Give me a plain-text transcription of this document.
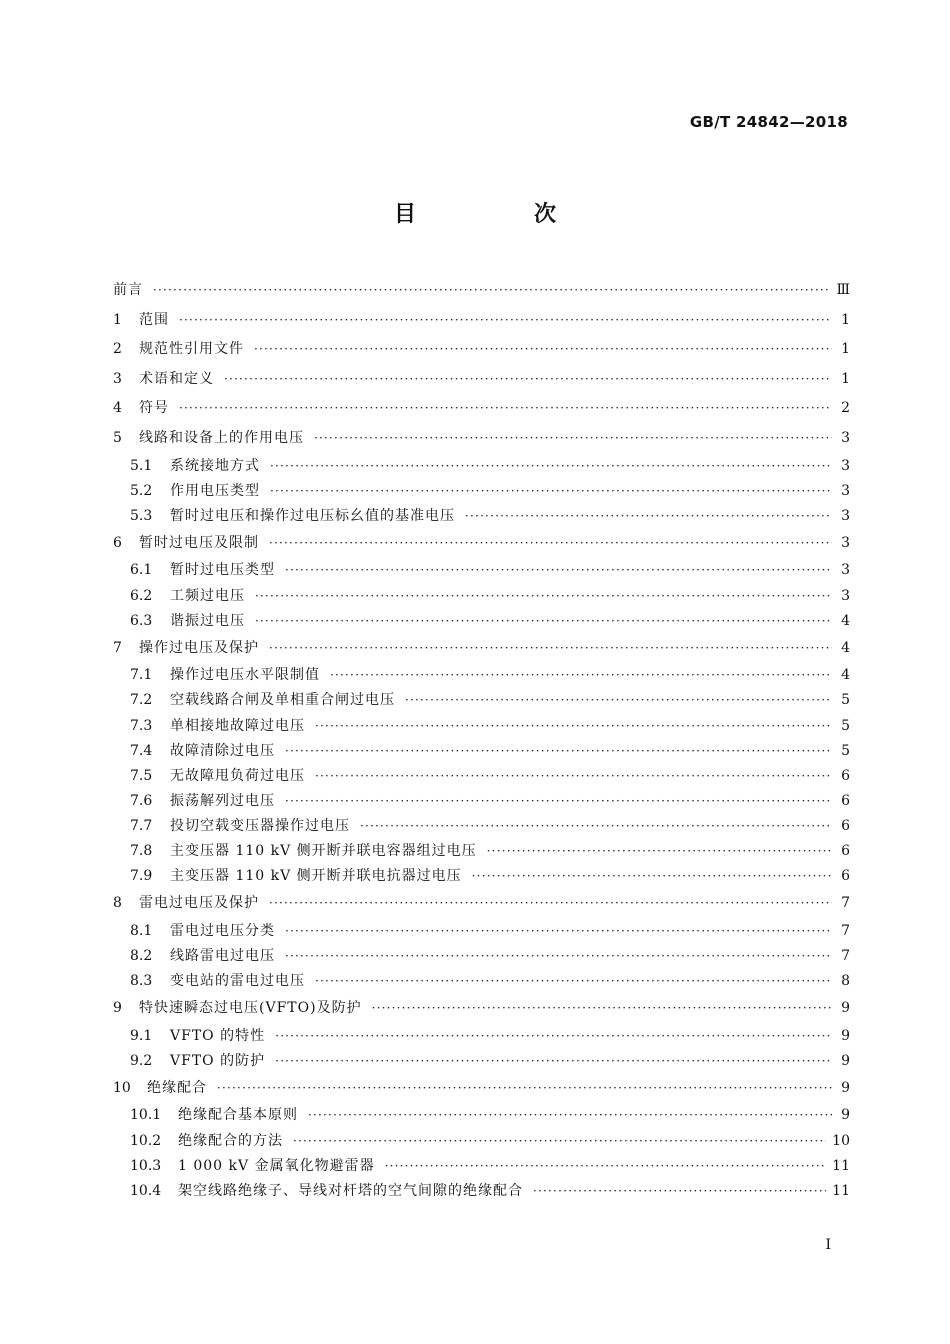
GB/T 24842—2018
目　次
前言 ·····	Ⅲ
1	范围 ·····	1
2	规范性引用文件 ·····	1
3	术语和定义 ·····	1
4	符号 ·····	2
5	线路和设备上的作用电压 ·····	3
5.1	系统接地方式 ·····	3
5.2	作用电压类型 ·····	3
5.3	暂时过电压和操作过电压标幺值的基准电压 ·····	3
6	暂时过电压及限制 ·····	3
6.1	暂时过电压类型 ·····	3
6.2	工频过电压 ·····	3
6.3	谐振过电压 ·····	4
7	操作过电压及保护 ·····	4
7.1	操作过电压水平限制值 ·····	4
7.2	空载线路合闸及单相重合闸过电压 ·····	5
7.3	单相接地故障过电压 ·····	5
7.4	故障清除过电压 ·····	5
7.5	无故障甩负荷过电压 ·····	6
7.6	振荡解列过电压 ·····	6
7.7	投切空载变压器操作过电压 ·····	6
7.8	主变压器 110 kV 侧开断并联电容器组过电压 ·····	6
7.9	主变压器 110 kV 侧开断并联电抗器过电压 ·····	6
8	雷电过电压及保护 ·····	7
8.1	雷电过电压分类 ·····	7
8.2	线路雷电过电压 ·····	7
8.3	变电站的雷电过电压 ·····	8
9	特快速瞬态过电压(VFTO)及防护 ·····	9
9.1	VFTO 的特性 ·····	9
9.2	VFTO 的防护 ·····	9
10	绝缘配合 ·····	9
10.1	绝缘配合基本原则 ·····	9
10.2	绝缘配合的方法 ·····	10
10.3	1 000 kV 金属氧化物避雷器 ·····	11
10.4	架空线路绝缘子、导线对杆塔的空气间隙的绝缘配合 ·····	11
I
